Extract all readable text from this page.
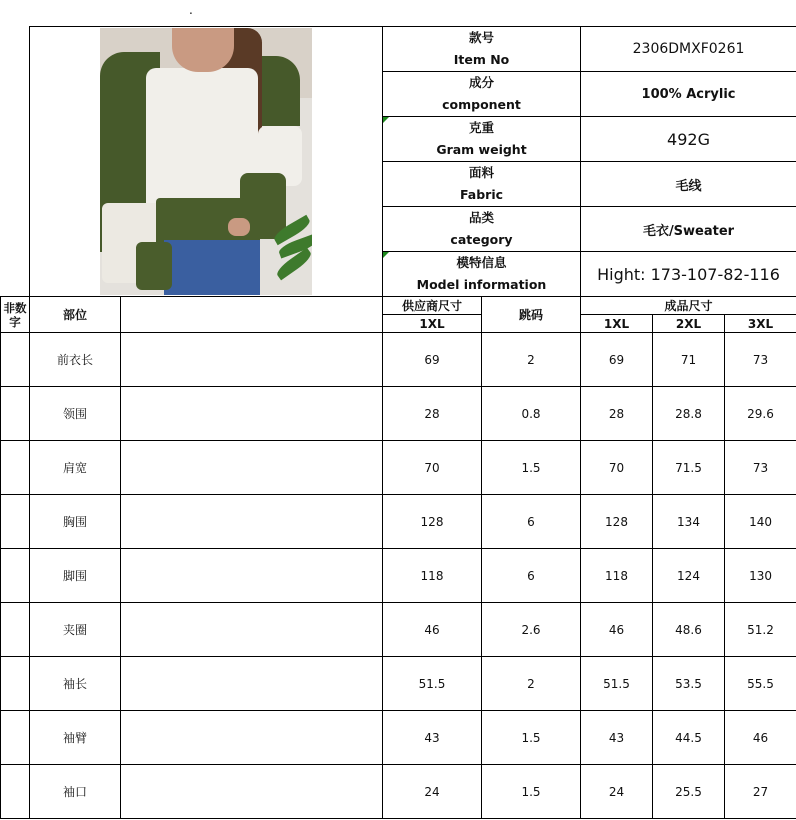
.

			款号
Item No		2306DMXF0261		

			成分
component		100% Acrylic		

			克重
Gram weight		492G		

			面料
Fabric		毛线		

			品类
category		毛衣/Sweater		

			模特信息
Model information		Hight: 173-107-82-116		
非数字	部位		供应商尺寸	跳码	成品尺寸		
			1XL		1XL	2XL	3XL
	前衣长		69	2	69	71	73
	领围		28	0.8	28	28.8	29.6
	肩宽		70	1.5	70	71.5	73
	胸围		128	6	128	134	140
	脚围		118	6	118	124	130
	夹圈		46	2.6	46	48.6	51.2
	袖长		51.5	2	51.5	53.5	55.5
	袖臂		43	1.5	43	44.5	46
	袖口		24	1.5	24	25.5	27
